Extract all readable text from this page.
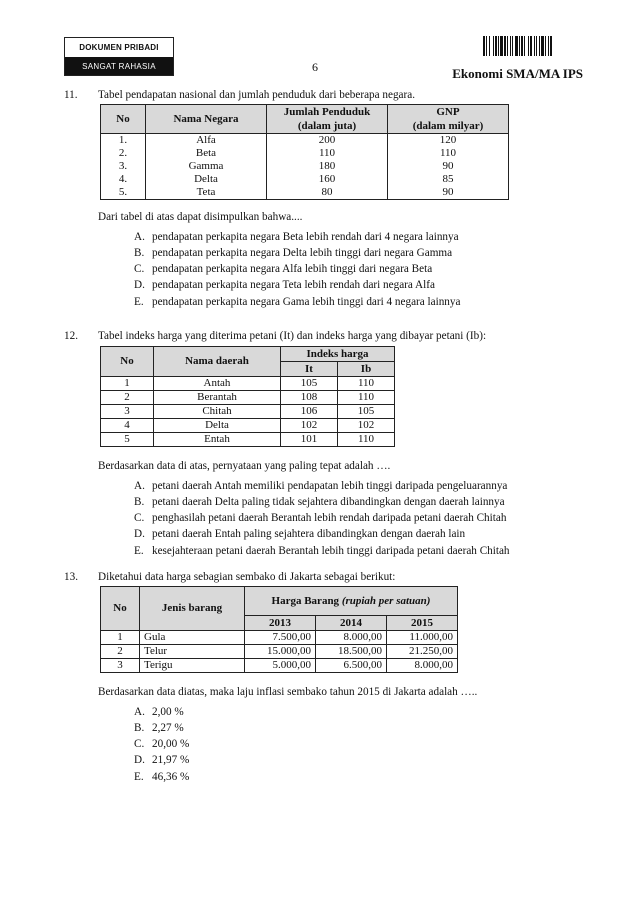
DOKUMEN PRIBADI
SANGAT RAHASIA	6	Ekonomi SMA/MA IPS
11. Tabel pendapatan nasional dan jumlah penduduk dari beberapa negara.
No	Nama Negara	Jumlah Penduduk	GNP
		(dalam juta)	(dalam milyar)
1.	Alfa	200	120
2.	Beta	110	110
3.	Gamma	180	90
4.	Delta	160	85
5.	Teta	80	90
Dari tabel di atas dapat disimpulkan bahwa....
A. pendapatan perkapita negara Beta lebih rendah dari 4 negara lainnya
B. pendapatan perkapita negara Delta lebih tinggi dari negara Gamma
C. pendapatan perkapita negara Alfa lebih tinggi dari negara Beta
D. pendapatan perkapita negara Teta lebih rendah dari negara Alfa
E. pendapatan perkapita negara Gama lebih tinggi dari 4 negara lainnya
12. Tabel indeks harga yang diterima petani (It) dan indeks harga yang dibayar petani (Ib):
No	Nama daerah	Indeks harga	
		It	Ib
1	Antah	105	110
2	Berantah	108	110
3	Chitah	106	105
4	Delta	102	102
5	Entah	101	110
Berdasarkan data di atas, pernyataan yang paling tepat adalah ….
A. petani daerah Antah memiliki pendapatan lebih tinggi daripada pengeluarannya
B. petani daerah Delta paling tidak sejahtera dibandingkan dengan daerah lainnya
C. penghasilah petani daerah Berantah lebih rendah daripada petani daerah Chitah
D. petani daerah Entah paling sejahtera dibandingkan dengan daerah lain
E. kesejahteraan petani daerah Berantah lebih tinggi daripada petani daerah Chitah
13. Diketahui data harga sebagian sembako di Jakarta sebagai berikut:
No	Jenis barang	Harga Barang (rupiah per satuan)		
		2013	2014	2015
1	Gula	7.500,00	8.000,00	11.000,00
2	Telur	15.000,00	18.500,00	21.250,00
3	Terigu	5.000,00	6.500,00	8.000,00
Berdasarkan data diatas, maka laju inflasi sembako tahun 2015 di Jakarta adalah …..
A. 2,00 %
B. 2,27 %
C. 20,00 %
D. 21,97 %
E. 46,36 %
